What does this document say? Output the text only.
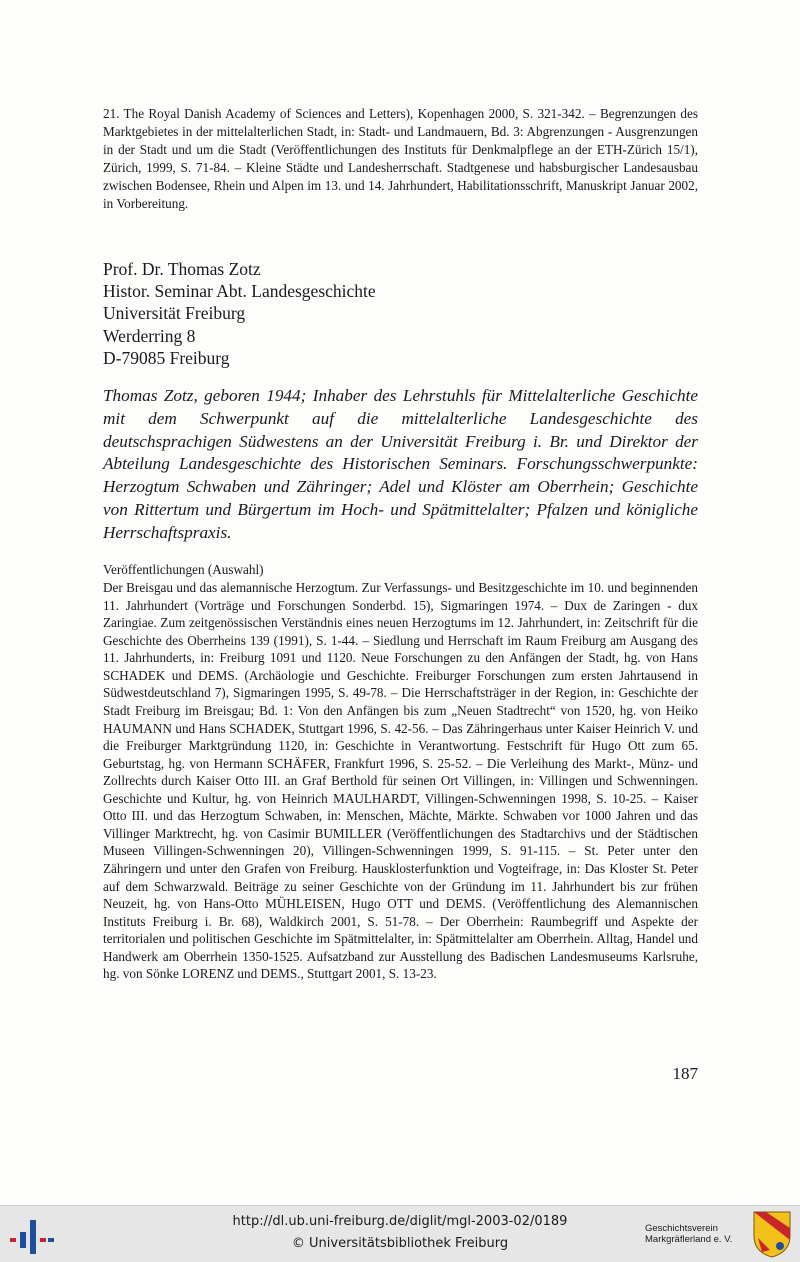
21. The Royal Danish Academy of Sciences and Letters), Kopenhagen 2000, S. 321-342. – Begrenzungen des Marktgebietes in der mittelalterlichen Stadt, in: Stadt- und Landmauern, Bd. 3: Abgrenzungen - Ausgrenzungen in der Stadt und um die Stadt (Veröffentlichungen des Instituts für Denkmalpflege an der ETH-Zürich 15/1), Zürich, 1999, S. 71-84. – Kleine Städte und Landesherrschaft. Stadtgenese und habsburgischer Landesausbau zwischen Bodensee, Rhein und Alpen im 13. und 14. Jahrhundert, Habilitationsschrift, Manuskript Januar 2002, in Vorbereitung.

Prof. Dr. Thomas Zotz
Histor. Seminar Abt. Landesgeschichte
Universität Freiburg
Werderring 8
D-79085 Freiburg

Thomas Zotz, geboren 1944; Inhaber des Lehrstuhls für Mittelalterliche Geschichte mit dem Schwerpunkt auf die mittelalterliche Landesgeschichte des deutschsprachigen Südwestens an der Universität Freiburg i. Br. und Direktor der Abteilung Landesgeschichte des Historischen Seminars. Forschungsschwerpunkte: Herzogtum Schwaben und Zähringer; Adel und Klöster am Oberrhein; Geschichte von Rittertum und Bürgertum im Hoch- und Spätmittelalter; Pfalzen und königliche Herrschaftspraxis.

Veröffentlichungen (Auswahl)

Der Breisgau und das alemannische Herzogtum. Zur Verfassungs- und Besitzgeschichte im 10. und beginnenden 11. Jahrhundert (Vorträge und Forschungen Sonderbd. 15), Sigmaringen 1974. – Dux de Zaringen - dux Zaringiae. Zum zeitgenössischen Verständnis eines neuen Herzogtums im 12. Jahrhundert, in: Zeitschrift für die Geschichte des Oberrheins 139 (1991), S. 1-44. – Siedlung und Herrschaft im Raum Freiburg am Ausgang des 11. Jahrhunderts, in: Freiburg 1091 und 1120. Neue Forschungen zu den Anfängen der Stadt, hg. von Hans SCHADEK und DEMS. (Archäologie und Geschichte. Freiburger Forschungen zum ersten Jahrtausend in Südwestdeutschland 7), Sigmaringen 1995, S. 49-78. – Die Herrschaftsträger in der Region, in: Geschichte der Stadt Freiburg im Breisgau; Bd. 1: Von den Anfängen bis zum „Neuen Stadtrecht“ von 1520, hg. von Heiko HAUMANN und Hans SCHADEK, Stuttgart 1996, S. 42-56. – Das Zähringerhaus unter Kaiser Heinrich V. und die Freiburger Marktgründung 1120, in: Geschichte in Verantwortung. Festschrift für Hugo Ott zum 65. Geburtstag, hg. von Hermann SCHÄFER, Frankfurt 1996, S. 25-52. – Die Verleihung des Markt-, Münz- und Zollrechts durch Kaiser Otto III. an Graf Berthold für seinen Ort Villingen, in: Villingen und Schwenningen. Geschichte und Kultur, hg. von Heinrich MAULHARDT, Villingen-Schwenningen 1998, S. 10-25. – Kaiser Otto III. und das Herzogtum Schwaben, in: Menschen, Mächte, Märkte. Schwaben vor 1000 Jahren und das Villinger Marktrecht, hg. von Casimir BUMILLER (Veröffentlichungen des Stadtarchivs und der Städtischen Museen Villingen-Schwenningen 20), Villingen-Schwenningen 1999, S. 91-115. – St. Peter unter den Zähringern und unter den Grafen von Freiburg. Hausklosterfunktion und Vogteifrage, in: Das Kloster St. Peter auf dem Schwarzwald. Beiträge zu seiner Geschichte von der Gründung im 11. Jahrhundert bis zur frühen Neuzeit, hg. von Hans-Otto MÜHLEISEN, Hugo OTT und DEMS. (Veröffentlichung des Alemannischen Instituts Freiburg i. Br. 68), Waldkirch 2001, S. 51-78. – Der Oberrhein: Raumbegriff und Aspekte der territorialen und politischen Geschichte im Spätmittelalter, in: Spätmittelalter am Oberrhein. Alltag, Handel und Handwerk am Oberrhein 1350-1525. Aufsatzband zur Ausstellung des Badischen Landesmuseums Karlsruhe, hg. von Sönke LORENZ und DEMS., Stuttgart 2001, S. 13-23.

187
http://dl.ub.uni-freiburg.de/diglit/mgl-2003-02/0189
© Universitätsbibliothek Freiburg
Geschichtsverein
Markgräflerland e. V.
